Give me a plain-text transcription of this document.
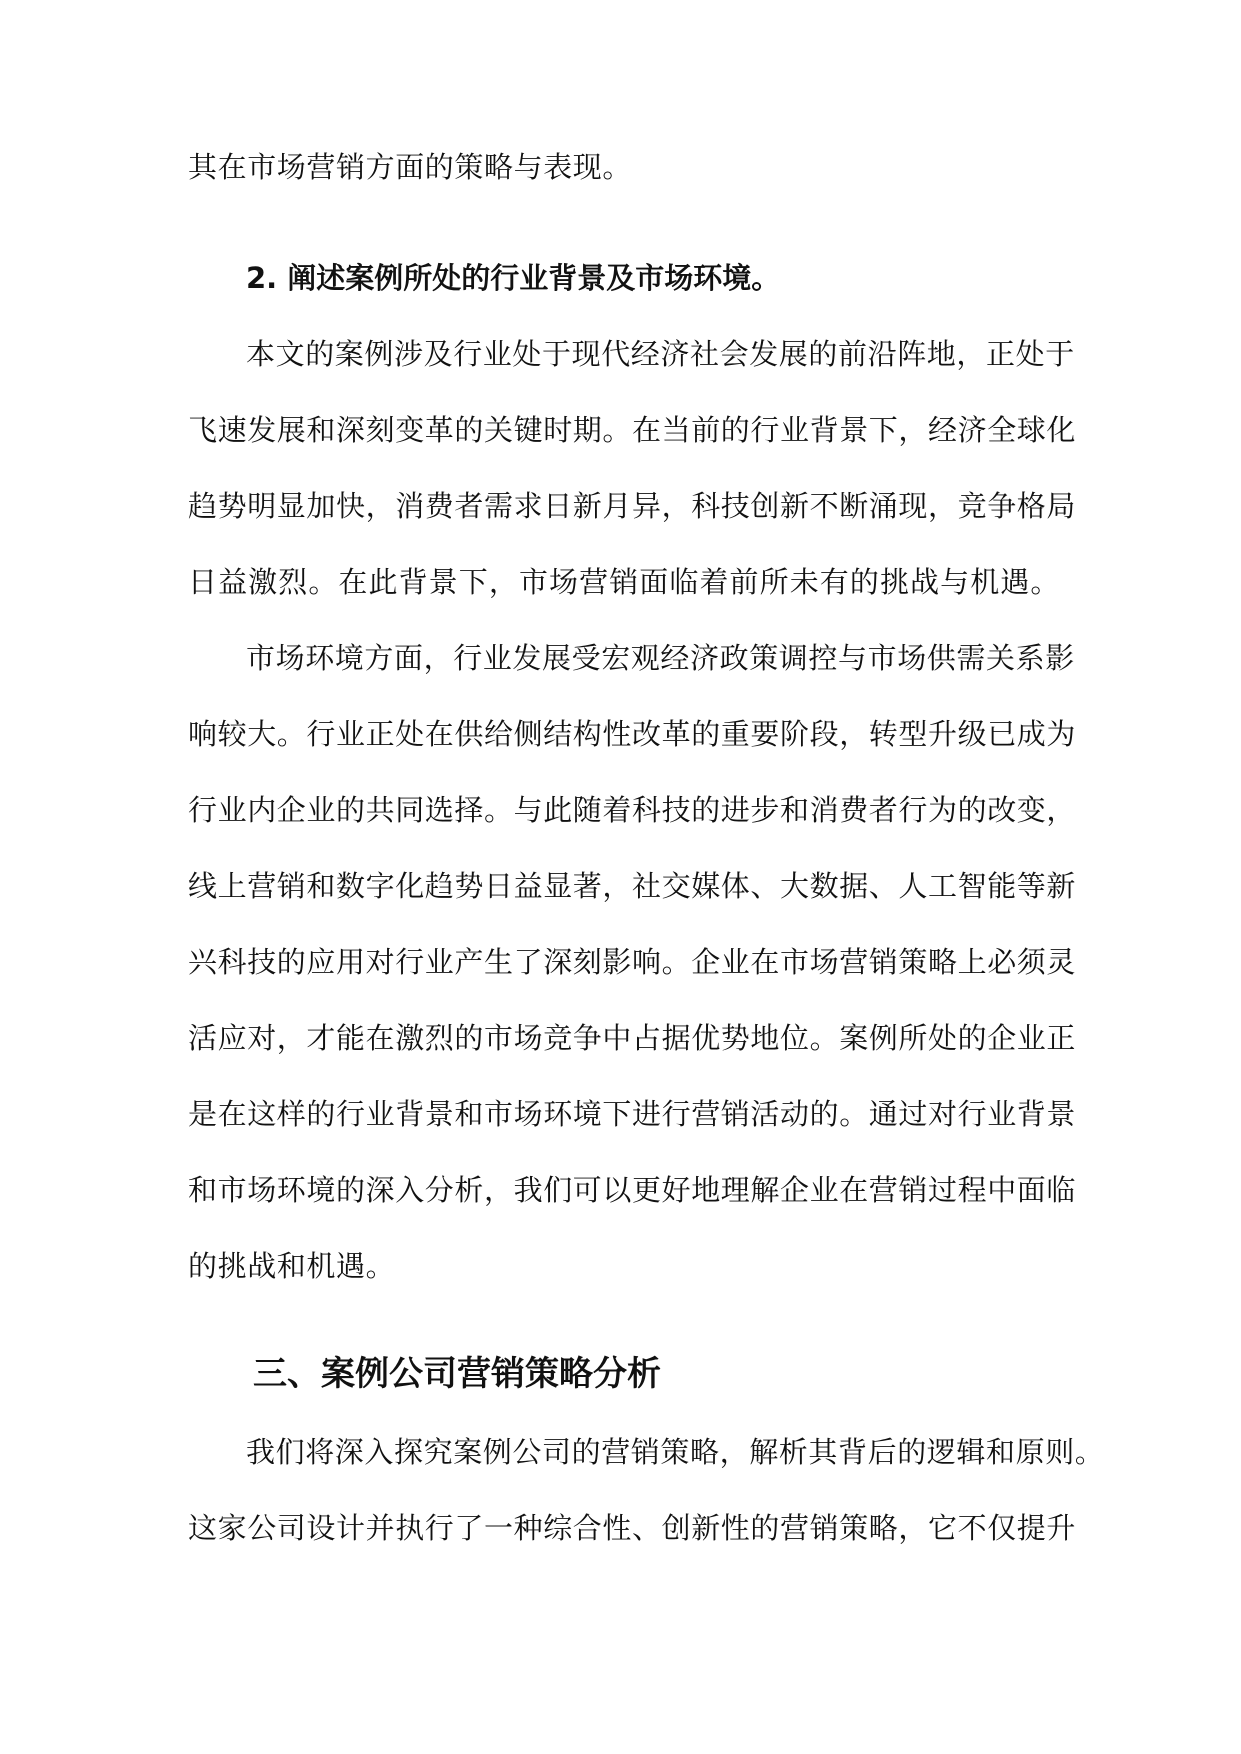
其在市场营销方面的策略与表现。
2. 阐述案例所处的行业背景及市场环境。
本文的案例涉及行业处于现代经济社会发展的前沿阵地，正处于
飞速发展和深刻变革的关键时期。在当前的行业背景下，经济全球化
趋势明显加快，消费者需求日新月异，科技创新不断涌现，竞争格局
日益激烈。在此背景下，市场营销面临着前所未有的挑战与机遇。
市场环境方面，行业发展受宏观经济政策调控与市场供需关系影
响较大。行业正处在供给侧结构性改革的重要阶段，转型升级已成为
行业内企业的共同选择。与此随着科技的进步和消费者行为的改变，
线上营销和数字化趋势日益显著，社交媒体、大数据、人工智能等新
兴科技的应用对行业产生了深刻影响。企业在市场营销策略上必须灵
活应对，才能在激烈的市场竞争中占据优势地位。案例所处的企业正
是在这样的行业背景和市场环境下进行营销活动的。通过对行业背景
和市场环境的深入分析，我们可以更好地理解企业在营销过程中面临
的挑战和机遇。
三、案例公司营销策略分析
我们将深入探究案例公司的营销策略，解析其背后的逻辑和原则。
这家公司设计并执行了一种综合性、创新性的营销策略，它不仅提升
